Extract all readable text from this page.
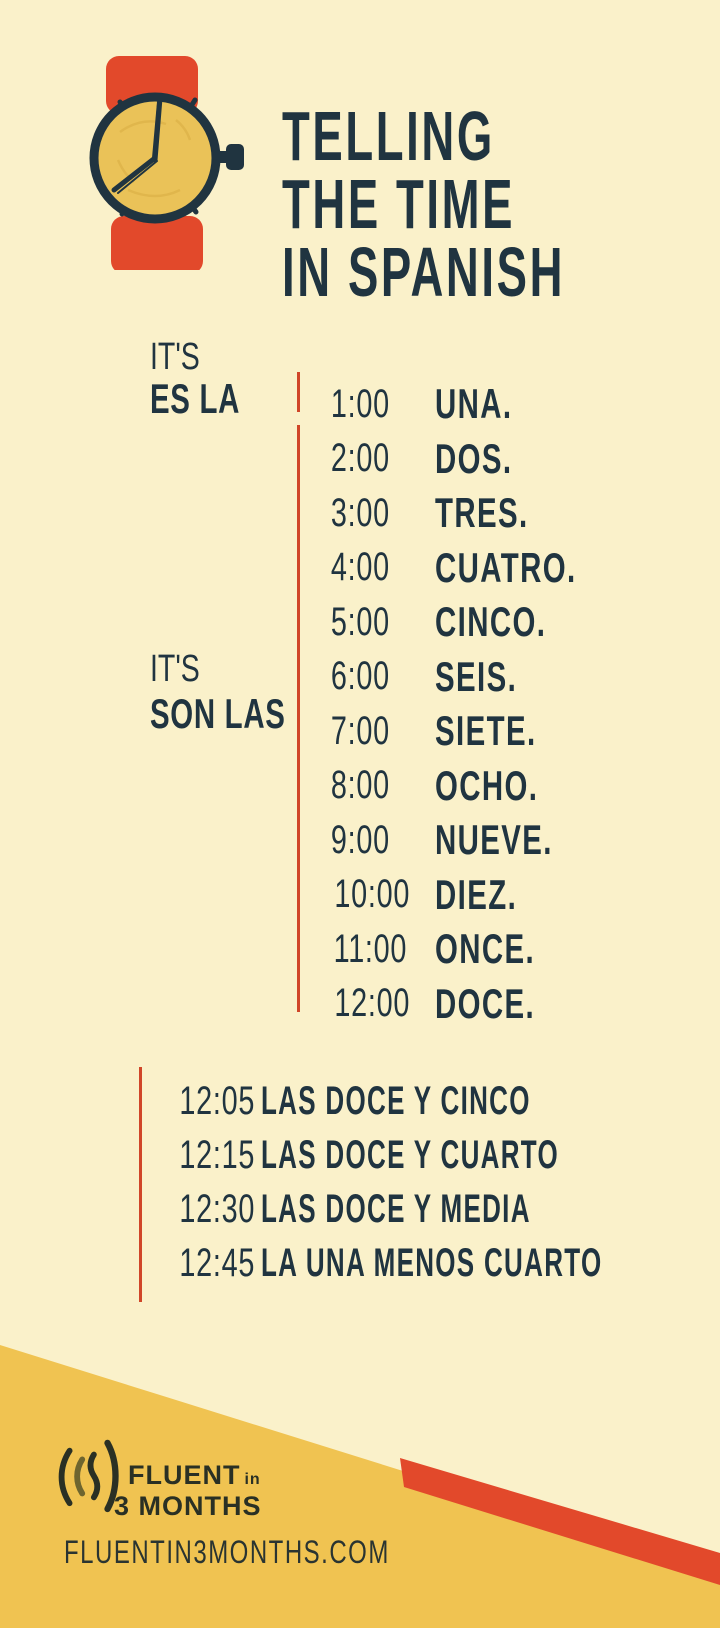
TELLING
THE TIME
IN SPANISH
IT'S
ES LA
IT'S
SON LAS
1:00 UNA.
2:00 DOS.
3:00 TRES.
4:00 CUATRO.
5:00 CINCO.
6:00 SEIS.
7:00 SIETE.
8:00 OCHO.
9:00 NUEVE.
10:00 DIEZ.
11:00 ONCE.
12:00 DOCE.
12:05 LAS DOCE Y CINCO
12:15 LAS DOCE Y CUARTO
12:30 LAS DOCE Y MEDIA
12:45 LA UNA MENOS CUARTO
FLUENT in
3 MONTHS
FLUENTIN3MONTHS.COM
